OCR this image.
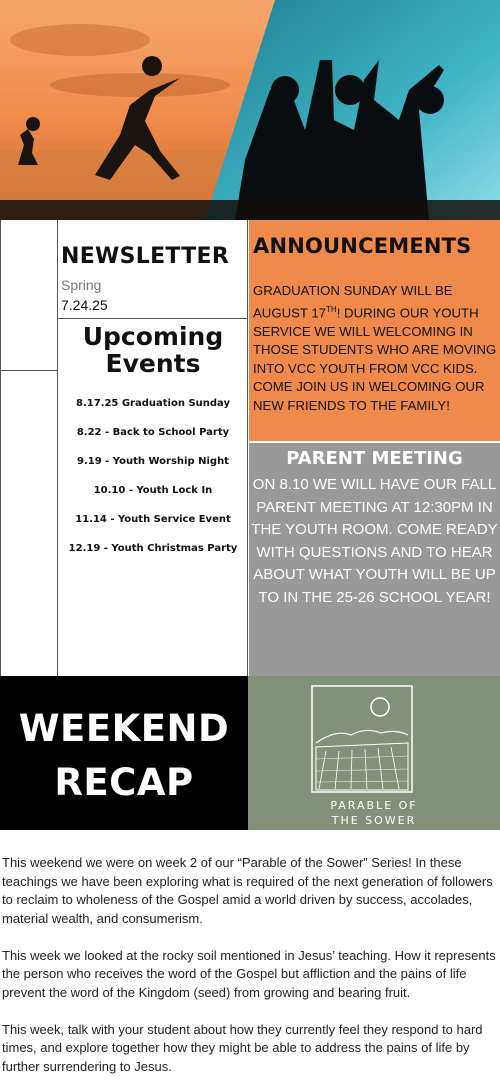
NEWSLETTER
Spring
7.24.25
Upcoming
Events
8.17.25 Graduation Sunday
8.22 - Back to School Party
9.19 - Youth Worship Night
10.10 - Youth Lock In
11.14 - Youth Service Event
12.19 - Youth Christmas Party
ANNOUNCEMENTS
GRADUATION SUNDAY WILL BE AUGUST 17TH! DURING OUR YOUTH SERVICE WE WILL WELCOMING IN THOSE STUDENTS WHO ARE MOVING INTO VCC YOUTH FROM VCC KIDS. COME JOIN US IN WELCOMING OUR NEW FRIENDS TO THE FAMILY!
PARENT MEETING
ON 8.10 WE WILL HAVE OUR FALL PARENT MEETING AT 12:30PM IN THE YOUTH ROOM. COME READY WITH QUESTIONS AND TO HEAR ABOUT WHAT YOUTH WILL BE UP TO IN THE 25-26 SCHOOL YEAR!
WEEKEND
RECAP
PARABLE OF
THE SOWER

This weekend we were on week 2 of our “Parable of the Sower” Series! In these teachings we have been exploring what is required of the next generation of followers to reclaim to wholeness of the Gospel amid a world driven by success, accolades, material wealth, and consumerism.

This week we looked at the rocky soil mentioned in Jesus’ teaching. How it represents the person who receives the word of the Gospel but affliction and the pains of life prevent the word of the Kingdom (seed) from growing and bearing fruit.

This week, talk with your student about how they currently feel they respond to hard times, and explore together how they might be able to address the pains of life by further surrendering to Jesus.
